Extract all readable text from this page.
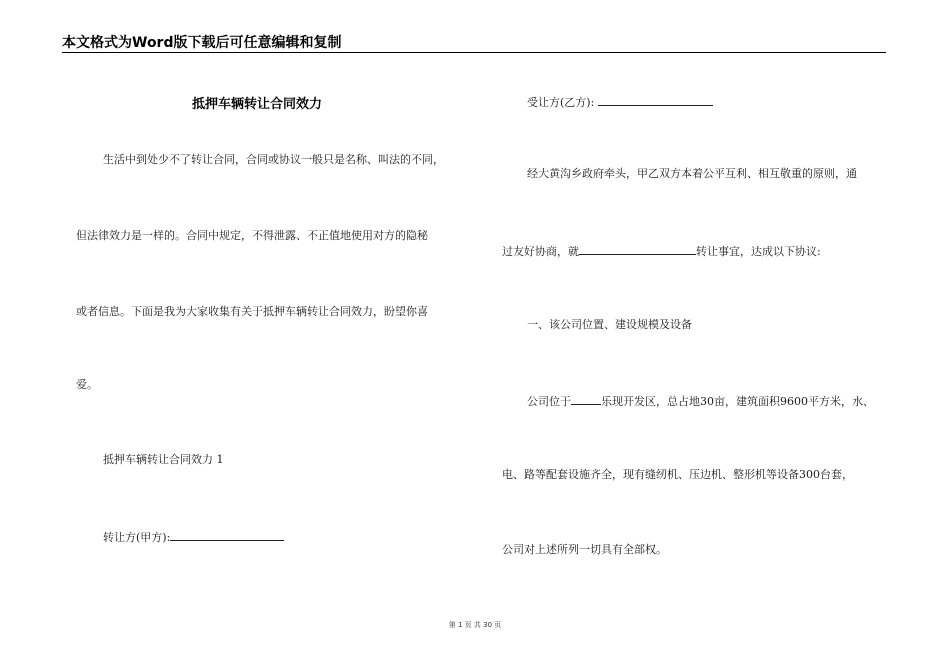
本文格式为Word版下载后可任意编辑和复制
抵押车辆转让合同效力
生活中到处少不了转让合同，合同或协议一般只是名称、叫法的不同，
但法律效力是一样的。合同中规定，不得泄露、不正值地使用对方的隐秘
或者信息。下面是我为大家收集有关于抵押车辆转让合同效力，盼望你喜
爱。
抵押车辆转让合同效力 1
转让方(甲方):
受让方(乙方):
经大黄沟乡政府牵头，甲乙双方本着公平互利、相互敬重的原则，通
过友好协商，就	转让事宜，达成以下协议:
一、该公司位置、建设规模及设备
公司位于	乐现开发区，总占地30亩，建筑面积9600平方米，水、
电、路等配套设施齐全，现有缝纫机、压边机、整形机等设备300台套，
公司对上述所列一切具有全部权。
第 1 页 共 30 页
